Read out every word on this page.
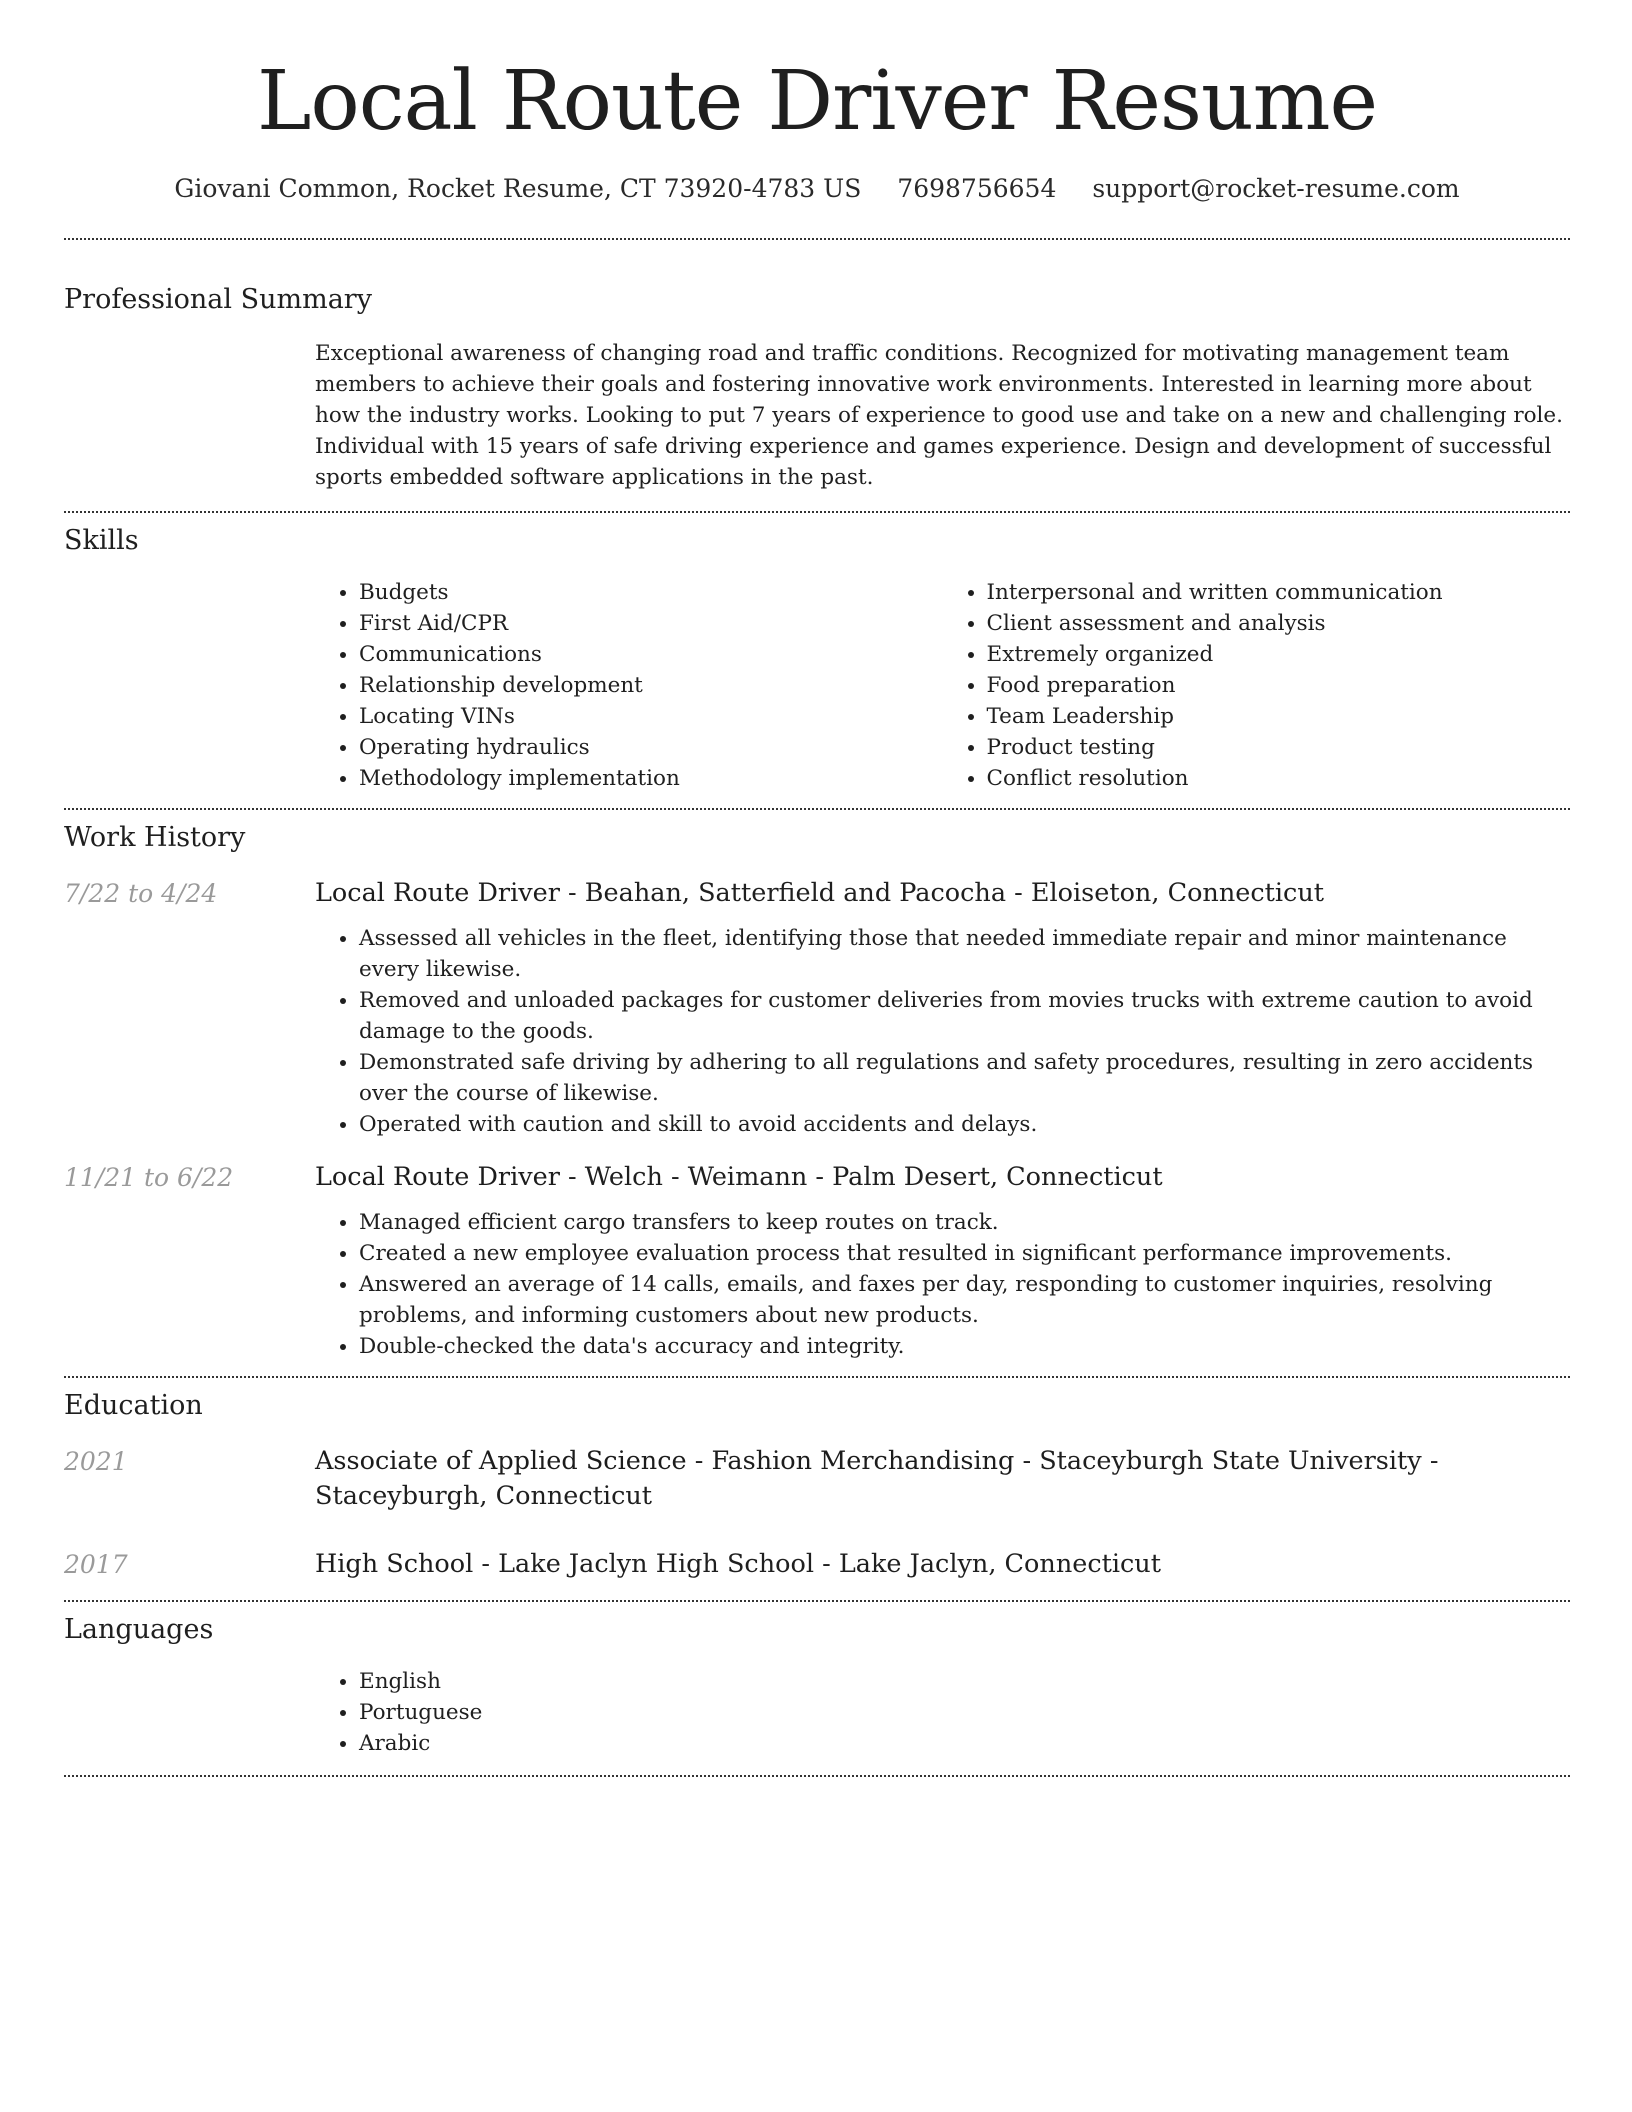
Local Route Driver Resume
Giovani Common, Rocket Resume, CT 73920-4783 US 7698756654 support@rocket-resume.com
Professional Summary

Exceptional awareness of changing road and traffic conditions. Recognized for motivating management team members to achieve their goals and fostering innovative work environments. Interested in learning more about how the industry works. Looking to put 7 years of experience to good use and take on a new and challenging role. Individual with 15 years of safe driving experience and games experience. Design and development of successful sports embedded software applications in the past.

Skills
• Budgets
• First Aid/CPR
• Communications
• Relationship development
• Locating VINs
• Operating hydraulics
• Methodology implementation
• Interpersonal and written communication
• Client assessment and analysis
• Extremely organized
• Food preparation
• Team Leadership
• Product testing
• Conflict resolution
Work History
7/22 to 4/24	Local Route Driver - Beahan, Satterfield and Pacocha - Eloiseton, Connecticut
• Assessed all vehicles in the fleet, identifying those that needed immediate repair and minor maintenance every likewise.
• Removed and unloaded packages for customer deliveries from movies trucks with extreme caution to avoid damage to the goods.
• Demonstrated safe driving by adhering to all regulations and safety procedures, resulting in zero accidents over the course of likewise.
• Operated with caution and skill to avoid accidents and delays.
11/21 to 6/22	Local Route Driver - Welch - Weimann - Palm Desert, Connecticut
• Managed efficient cargo transfers to keep routes on track.
• Created a new employee evaluation process that resulted in significant performance improvements.
• Answered an average of 14 calls, emails, and faxes per day, responding to customer inquiries, resolving problems, and informing customers about new products.
• Double-checked the data's accuracy and integrity.
Education
2021	Associate of Applied Science - Fashion Merchandising - Staceyburgh State University - Staceyburgh, Connecticut
2017	High School - Lake Jaclyn High School - Lake Jaclyn, Connecticut
Languages
• English
• Portuguese
• Arabic
